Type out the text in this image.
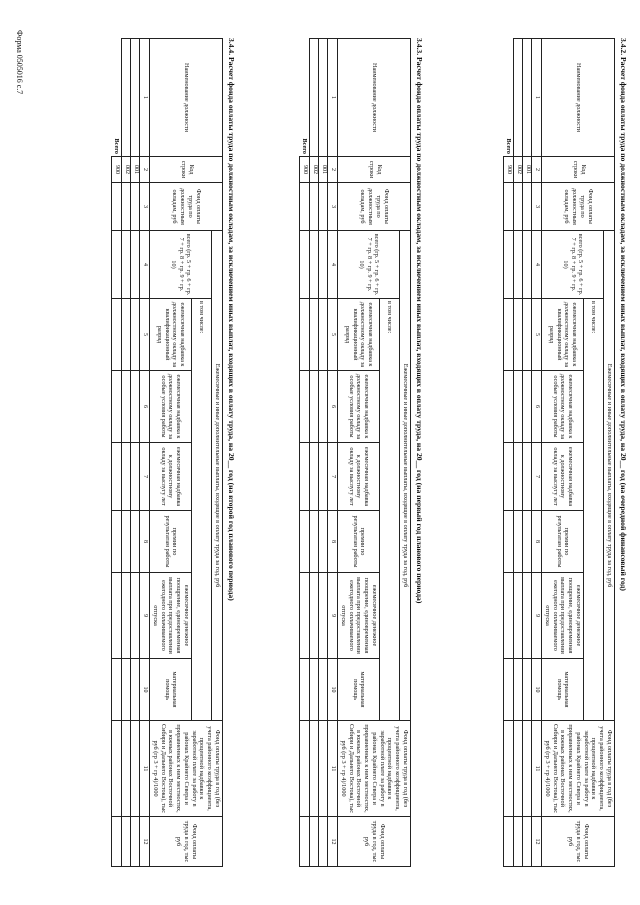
Форма 0505016 с.7	3.4.2. Расчет фонда оплаты труда по должностным окладам, за исключением иных выплат, входящих в оплату труда, на 20__ год (на очередной финансовый год)
Наименование должности	Код строки	Фонд оплаты труда по должностным окладам, руб	Ежемесячные и иные дополнительные выплаты, входящие в оплату труда за год, руб							Фонд оплаты труда в год (без учета районного коэффициента, процентной надбавки к заработной плате за работу в районах Крайнего Севера и приравненных к ним местностях, в южных районах Восточной Сибири и Дальнего Востока), тыс руб (гр 3 + гр 4)/1000	Фонд оплаты труда в год, тыс руб
			всего (гр. 5 + гр. 6 + гр. 7 + гр. 8 + гр. 9 + гр. 10)	в том числе:							
				ежемесячная надбавка к должностному окладу за квалификационный разряд	ежемесячная надбавка к должностному окладу за особые условия работы	ежемесячная надбавка к должностному окладу за выслугу лет	премии по результатам работы	ежемесячное денежное поощрение, единовременная выплата при предоставлении ежегодного оплачиваемого отпуска	материальная помощь		
1	2	3	4	5	6	7	8	9	10	11	12
	001										
	002										
Всего	900										
3.4.3. Расчет фонда оплаты труда по должностным окладам, за исключением иных выплат, входящих в оплату труда, на 20__ год (на первый год планового периода)
Наименование должности	Код строки	Фонд оплаты труда по должностным окладам, руб	Ежемесячные и иные дополнительные выплаты, входящие в оплату труда за год, руб							Фонд оплаты труда в год (без учета районного коэффициента, процентной надбавки к заработной плате за работу в районах Крайнего Севера и приравненных к ним местностях, в южных районах Восточной Сибири и Дальнего Востока), тыс руб (гр 3 + гр 4)/1000	Фонд оплаты труда в год, тыс руб
			всего (гр. 5 + гр. 6 + гр. 7 + гр. 8 + гр. 9 + гр. 10)	в том числе:							
				ежемесячная надбавка к должностному окладу за квалификационный разряд	ежемесячная надбавка к должностному окладу за особые условия работы	ежемесячная надбавка к должностному окладу за выслугу лет	премии по результатам работы	ежемесячное денежное поощрение, единовременная выплата при предоставлении ежегодного оплачиваемого отпуска	материальная помощь		
1	2	3	4	5	6	7	8	9	10	11	12
	001										
	002										
Всего	900										
3.4.4. Расчет фонда оплаты труда по должностным окладам, за исключением иных выплат, входящих в оплату труда, на 20__ год (на второй год планового периода)
Наименование должности	Код строки	Фонд оплаты труда по должностным окладам, руб	Ежемесячные и иные дополнительные выплаты, входящие в оплату труда за год, руб							Фонд оплаты труда в год (без учета районного коэффициента, процентной надбавки к заработной плате за работу в районах Крайнего Севера и приравненных к ним местностях, в южных районах Восточной Сибири и Дальнего Востока), тыс руб (гр 3 + гр 4)/1000	Фонд оплаты труда в год, тыс руб
			всего (гр. 5 + гр. 6 + гр. 7 + гр. 8 + гр. 9 + гр. 10)	в том числе:							
				ежемесячная надбавка к должностному окладу за квалификационный разряд	ежемесячная надбавка к должностному окладу за особые условия работы	ежемесячная надбавка к должностному окладу за выслугу лет	премии по результатам работы	ежемесячное денежное поощрение, единовременная выплата при предоставлении ежегодного оплачиваемого отпуска	материальная помощь		
1	2	3	4	5	6	7	8	9	10	11	12
	001										
	002										
Всего	900										
